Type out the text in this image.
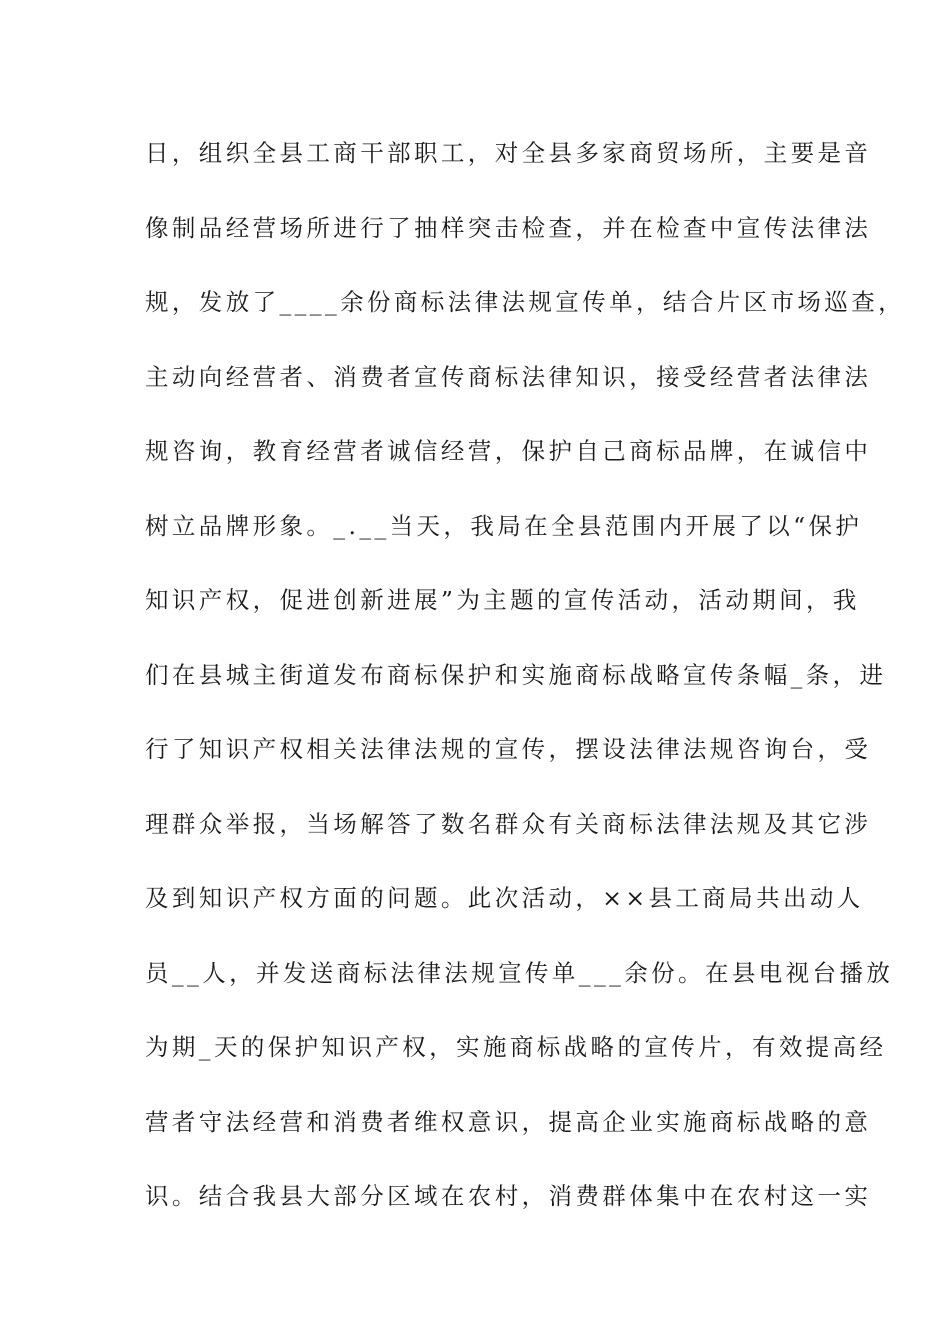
日，组织全县工商干部职工，对全县多家商贸场所，主要是音
像制品经营场所进行了抽样突击检查，并在检查中宣传法律法
规，发放了____余份商标法律法规宣传单，结合片区市场巡查，
主动向经营者、消费者宣传商标法律知识，接受经营者法律法
规咨询，教育经营者诚信经营，保护自己商标品牌，在诚信中
树立品牌形象。_.__当天，我局在全县范围内开展了以“保护
知识产权，促进创新进展”为主题的宣传活动，活动期间，我
们在县城主街道发布商标保护和实施商标战略宣传条幅_条，进
行了知识产权相关法律法规的宣传，摆设法律法规咨询台，受
理群众举报，当场解答了数名群众有关商标法律法规及其它涉
及到知识产权方面的问题。此次活动，××县工商局共出动人
员__人，并发送商标法律法规宣传单___余份。在县电视台播放
为期_天的保护知识产权，实施商标战略的宣传片，有效提高经
营者守法经营和消费者维权意识，提高企业实施商标战略的意
识。结合我县大部分区域在农村，消费群体集中在农村这一实
